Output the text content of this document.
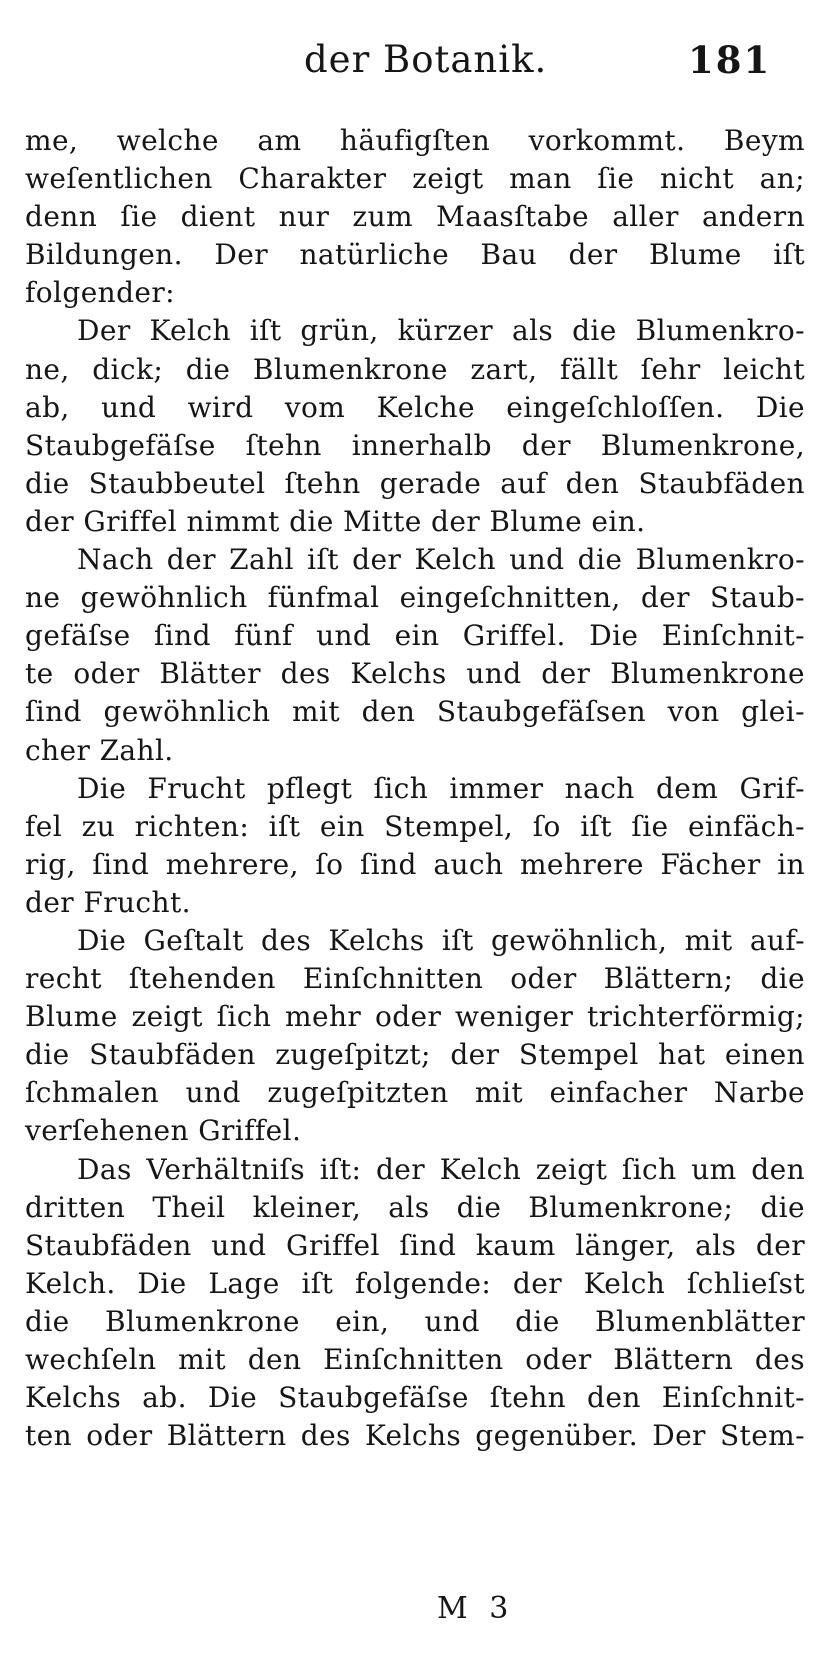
der Botanik.	181
me, welche am häufigſten vorkommt. Beym
weſentlichen Charakter zeigt man ſie nicht an;
denn ſie dient nur zum Maasſtabe aller andern
Bildungen. Der natürliche Bau der Blume iſt
folgender:
Der Kelch iſt grün, kürzer als die Blumenkro-
ne, dick; die Blumenkrone zart, fällt ſehr leicht
ab, und wird vom Kelche eingeſchloſſen. Die
Staubgefäſse ſtehn innerhalb der Blumenkrone,
die Staubbeutel ſtehn gerade auf den Staubfäden
der Griffel nimmt die Mitte der Blume ein.
Nach der Zahl iſt der Kelch und die Blumenkro-
ne gewöhnlich fünfmal eingeſchnitten, der Staub-
gefäſse ſind fünf und ein Griffel. Die Einſchnit-
te oder Blätter des Kelchs und der Blumenkrone
ſind gewöhnlich mit den Staubgefäſsen von glei-
cher Zahl.
Die Frucht pflegt ſich immer nach dem Grif-
fel zu richten: iſt ein Stempel, ſo iſt ſie einfäch-
rig, ſind mehrere, ſo ſind auch mehrere Fächer in
der Frucht.
Die Geſtalt des Kelchs iſt gewöhnlich, mit auf-
recht ſtehenden Einſchnitten oder Blättern; die
Blume zeigt ſich mehr oder weniger trichterförmig;
die Staubfäden zugeſpitzt; der Stempel hat einen
ſchmalen und zugeſpitzten mit einfacher Narbe
verſehenen Griffel.
Das Verhältniſs iſt: der Kelch zeigt ſich um den
dritten Theil kleiner, als die Blumenkrone; die
Staubfäden und Griffel ſind kaum länger, als der
Kelch. Die Lage iſt folgende: der Kelch ſchlieſst
die Blumenkrone ein, und die Blumenblätter
wechſeln mit den Einſchnitten oder Blättern des
Kelchs ab. Die Staubgefäſse ſtehn den Einſchnit-
ten oder Blättern des Kelchs gegenüber. Der Stem-
M 3
